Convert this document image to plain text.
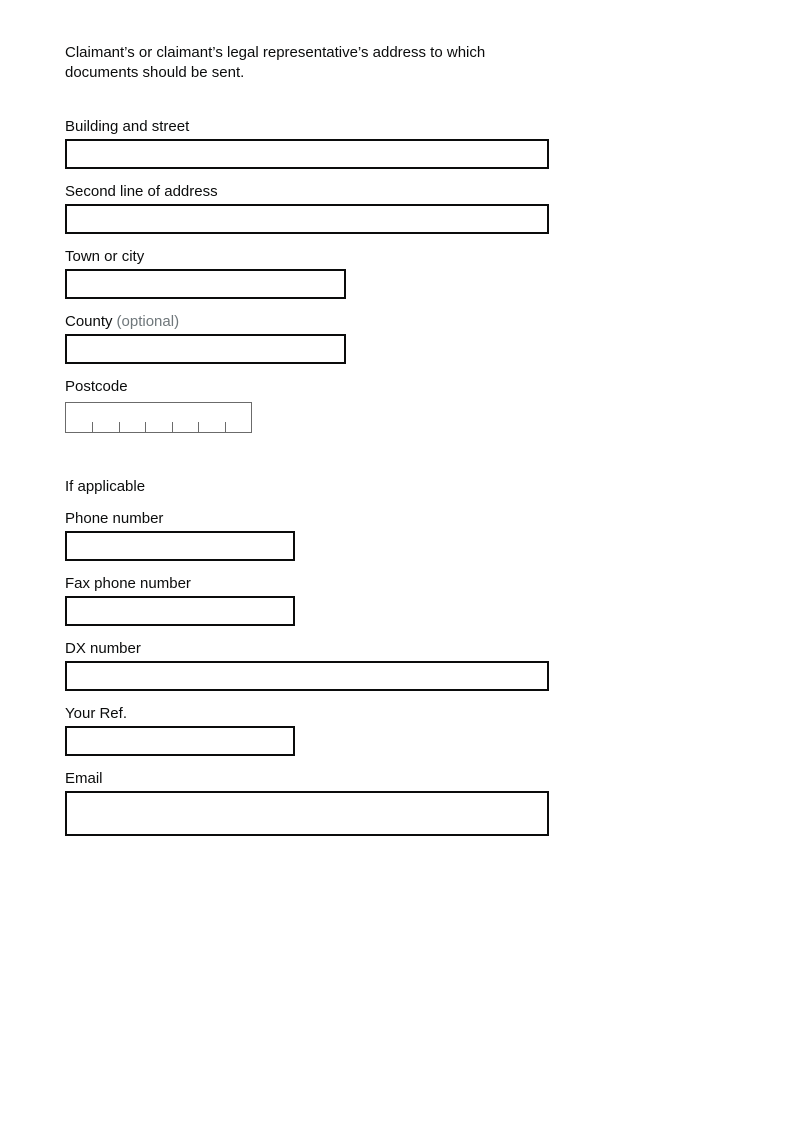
Claimant’s or claimant’s legal representative’s address to which documents should be sent.

Building and street
Second line of address
Town or city
County (optional)
Postcode
If applicable
Phone number
Fax phone number
DX number
Your Ref.
Email
